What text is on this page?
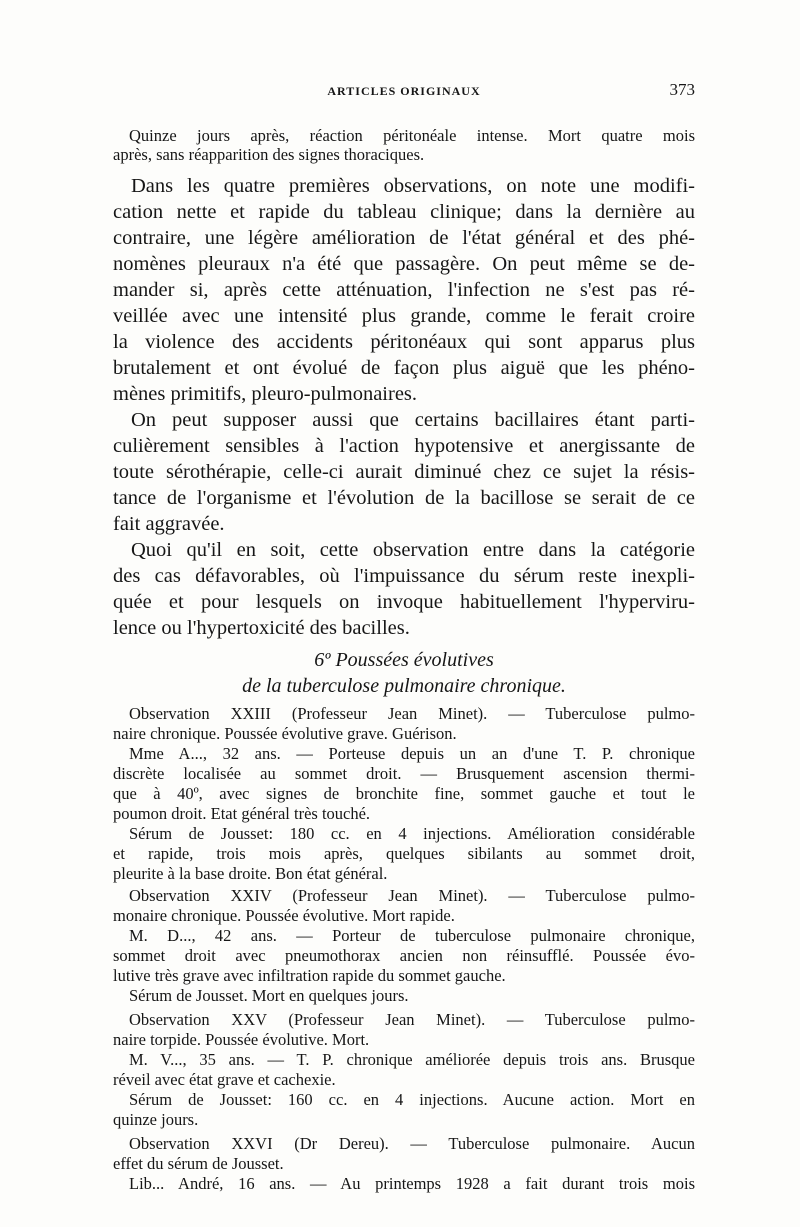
ARTICLES ORIGINAUX	373
Quinze jours après, réaction péritonéale intense. Mort quatre mois
après, sans réapparition des signes thoraciques.
Dans les quatre premières observations, on note une modifi-
cation nette et rapide du tableau clinique; dans la dernière au
contraire, une légère amélioration de l'état général et des phé-
nomènes pleuraux n'a été que passagère. On peut même se de-
mander si, après cette atténuation, l'infection ne s'est pas ré-
veillée avec une intensité plus grande, comme le ferait croire
la violence des accidents péritonéaux qui sont apparus plus
brutalement et ont évolué de façon plus aiguë que les phéno-
mènes primitifs, pleuro-pulmonaires.
On peut supposer aussi que certains bacillaires étant parti-
culièrement sensibles à l'action hypotensive et anergissante de
toute sérothérapie, celle-ci aurait diminué chez ce sujet la résis-
tance de l'organisme et l'évolution de la bacillose se serait de ce
fait aggravée.
Quoi qu'il en soit, cette observation entre dans la catégorie
des cas défavorables, où l'impuissance du sérum reste inexpli-
quée et pour lesquels on invoque habituellement l'hyperviru-
lence ou l'hypertoxicité des bacilles.
6º Poussées évolutives
de la tuberculose pulmonaire chronique.
Observation XXIII (Professeur Jean Minet). — Tuberculose pulmo-
naire chronique. Poussée évolutive grave. Guérison.
Mme A..., 32 ans. — Porteuse depuis un an d'une T. P. chronique
discrète localisée au sommet droit. — Brusquement ascension thermi-
que à 40º, avec signes de bronchite fine, sommet gauche et tout le
poumon droit. Etat général très touché.
Sérum de Jousset: 180 cc. en 4 injections. Amélioration considérable
et rapide, trois mois après, quelques sibilants au sommet droit,
pleurite à la base droite. Bon état général.
Observation XXIV (Professeur Jean Minet). — Tuberculose pulmo-
monaire chronique. Poussée évolutive. Mort rapide.
M. D..., 42 ans. — Porteur de tuberculose pulmonaire chronique,
sommet droit avec pneumothorax ancien non réinsufflé. Poussée évo-
lutive très grave avec infiltration rapide du sommet gauche.
Sérum de Jousset. Mort en quelques jours.
Observation XXV (Professeur Jean Minet). — Tuberculose pulmo-
naire torpide. Poussée évolutive. Mort.
M. V..., 35 ans. — T. P. chronique améliorée depuis trois ans. Brusque
réveil avec état grave et cachexie.
Sérum de Jousset: 160 cc. en 4 injections. Aucune action. Mort en
quinze jours.
Observation XXVI (Dr Dereu). — Tuberculose pulmonaire. Aucun
effet du sérum de Jousset.
Lib... André, 16 ans. — Au printemps 1928 a fait durant trois mois
